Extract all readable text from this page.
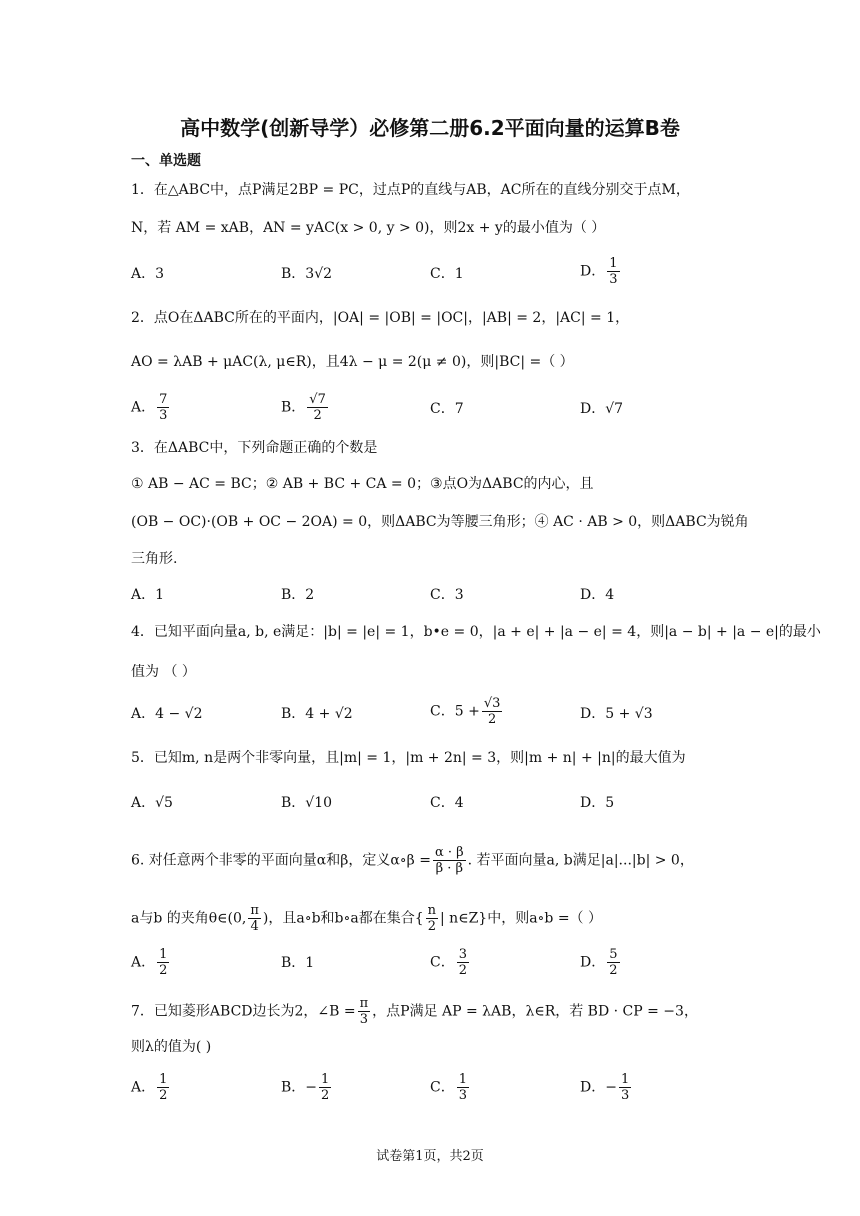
高中数学(创新导学）必修第二册6.2平面向量的运算B卷
一、单选题
1．在△ABC中，点P满足2BP = PC，过点P的直线与AB，AC所在的直线分别交于点M，
N，若 AM = xAB，AN = yAC(x > 0, y > 0)，则2x + y的最小值为（ ）
A．3	B．3√2	C．1	D． $\frac{1}{3}$
2．点O在ΔABC所在的平面内，|OA| = |OB| = |OC|，|AB| = 2，|AC| = 1，
AO = λAB + μAC(λ, μ∈R)，且4λ − μ = 2(μ ≠ 0)，则|BC| =（ ）
A． $\frac{7}{3}$	B． $\frac{√7}{2}$	C．7	D．√7
3．在ΔABC中，下列命题正确的个数是
① AB − AC = BC；② AB + BC + CA = 0；③点O为ΔABC的内心，且
(OB − OC)·(OB + OC − 2OA) = 0，则ΔABC为等腰三角形；④ AC · AB > 0，则ΔABC为锐角
三角形.
A．1	B．2	C．3	D．4
4．已知平面向量a, b, e满足：|b| = |e| = 1，b•e = 0，|a + e| + |a − e| = 4，则|a − b| + |a − e|的最小
值为 （ ）
A．4 − √2	B．4 + √2	C．$5 + \frac{√3}{2}$	D．5 + √3
5．已知m, n是两个非零向量，且|m| = 1，|m + 2n| = 3，则|m + n| + |n|的最大值为
A．√5	B．√10	C．4	D．5
6. 对任意两个非零的平面向量α和β，定义α∘β = $\frac{\alpha \cdot \beta}{\beta \cdot \beta}$ . 若平面向量a, b满足|a|...|b| > 0，
a与b 的夹角θ∈(0, $\frac{\pi}{4}$ )，且a∘b和b∘a都在集合{ $\frac{n}{2}$ | n∈Z}中，则a∘b =（ ）
A． $\frac{1}{2}$	B．1	C． $\frac{3}{2}$	D． $\frac{5}{2}$
7．已知菱形ABCD边长为2，∠B = $\frac{\pi}{3}$ ，点P满足 AP = λAB，λ∈R，若 BD · CP = −3，
则λ的值为( )
A． $\frac{1}{2}$	B．− $\frac{1}{2}$	C． $\frac{1}{3}$	D．− $\frac{1}{3}$
试卷第1页，共2页
